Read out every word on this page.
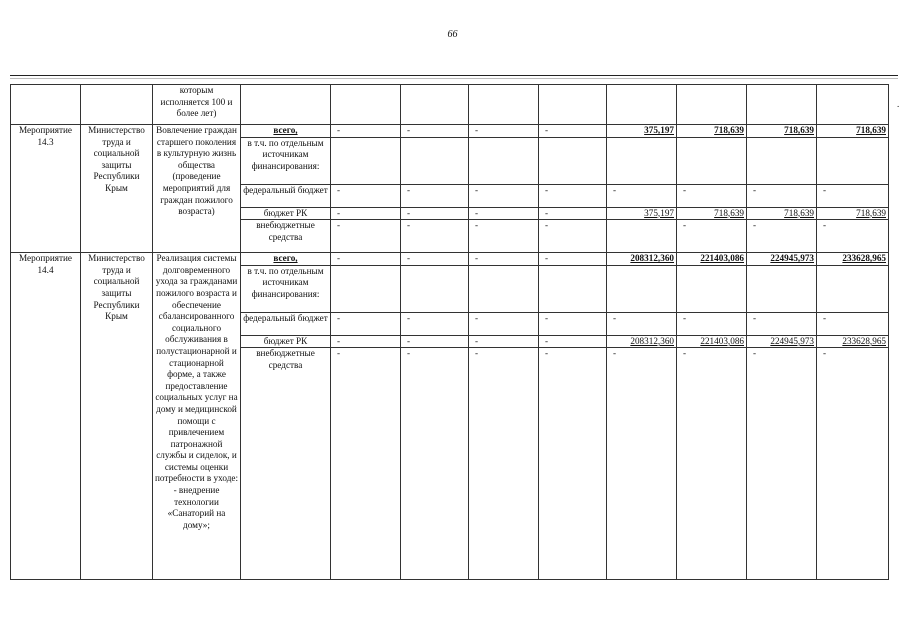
66
.
		которым исполняется 100 и более лет)									
Мероприятие 14.3	Министерство труда и социальной защиты Республики Крым	Вовлечение граждан старшего поколения в культурную жизнь общества (проведение мероприятий для граждан пожилого возраста)	всего,	-	-	-	-	375,197	718,639	718,639	718,639
			в т.ч. по отдельным источникам финансирования:								
			федеральный бюджет	-	-	-	-	-	-	-	-
			бюджет РК	-	-	-	-	375,197	718,639	718,639	718,639
			внебюджетные средства	-	-	-	-		-	-	-
Мероприятие 14.4	Министерство труда и социальной защиты Республики Крым	Реализация системы долговременного ухода за гражданами пожилого возраста и обеспечение сбалансированного социального обслуживания в полустационарной и стационарной форме, а также предоставление социальных услуг на дому и медицинской помощи с привлечением патронажной службы и сиделок, и системы оценки потребности в уходе: - внедрение технологии «Санаторий на дому»;	всего,	-	-	-	-	208312,360	221403,086	224945,973	233628,965
			в т.ч. по отдельным источникам финансирования:								
			федеральный бюджет	-	-	-	-	-	-	-	-
			бюджет РК	-	-	-	-	208312,360	221403,086	224945,973	233628,965
			внебюджетные средства	-	-	-	-	-	-	-	-
